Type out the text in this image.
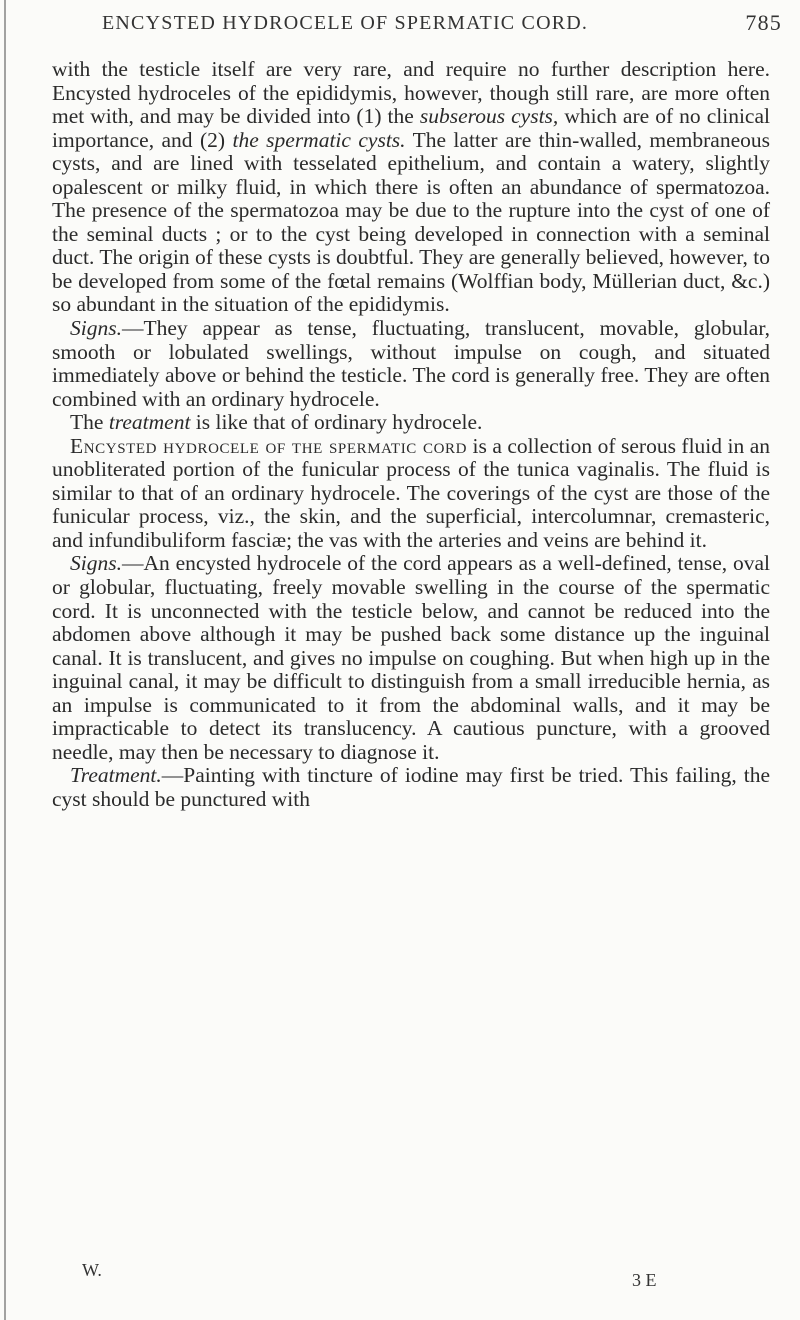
ENCYSTED HYDROCELE OF SPERMATIC CORD.	785

with the testicle itself are very rare, and require no further description here. Encysted hydroceles of the epididymis, however, though still rare, are more often met with, and may be divided into (1) the subserous cysts, which are of no clinical importance, and (2) the spermatic cysts. The latter are thin-walled, membraneous cysts, and are lined with tesselated epithelium, and contain a watery, slightly opalescent or milky fluid, in which there is often an abundance of spermatozoa. The presence of the spermatozoa may be due to the rupture into the cyst of one of the seminal ducts ; or to the cyst being developed in connection with a seminal duct. The origin of these cysts is doubtful. They are generally believed, however, to be developed from some of the fœtal remains (Wolffian body, Müllerian duct, &c.) so abundant in the situation of the epididymis.

Signs.—They appear as tense, fluctuating, translucent, movable, globular, smooth or lobulated swellings, without impulse on cough, and situated immediately above or behind the testicle. The cord is generally free. They are often combined with an ordinary hydrocele.

The treatment is like that of ordinary hydrocele.

Encysted hydrocele of the spermatic cord is a collection of serous fluid in an unobliterated portion of the funicular process of the tunica vaginalis. The fluid is similar to that of an ordinary hydrocele. The coverings of the cyst are those of the funicular process, viz., the skin, and the superficial, intercolumnar, cremasteric, and infundibuliform fasciæ; the vas with the arteries and veins are behind it.

Signs.—An encysted hydrocele of the cord appears as a well-defined, tense, oval or globular, fluctuating, freely movable swelling in the course of the spermatic cord. It is unconnected with the testicle below, and cannot be reduced into the abdomen above although it may be pushed back some distance up the inguinal canal. It is translucent, and gives no impulse on coughing. But when high up in the inguinal canal, it may be difficult to distinguish from a small irreducible hernia, as an impulse is communicated to it from the abdominal walls, and it may be impracticable to detect its translucency. A cautious puncture, with a grooved needle, may then be necessary to diagnose it.

Treatment.—Painting with tincture of iodine may first be tried. This failing, the cyst should be punctured with

W.	3 E
